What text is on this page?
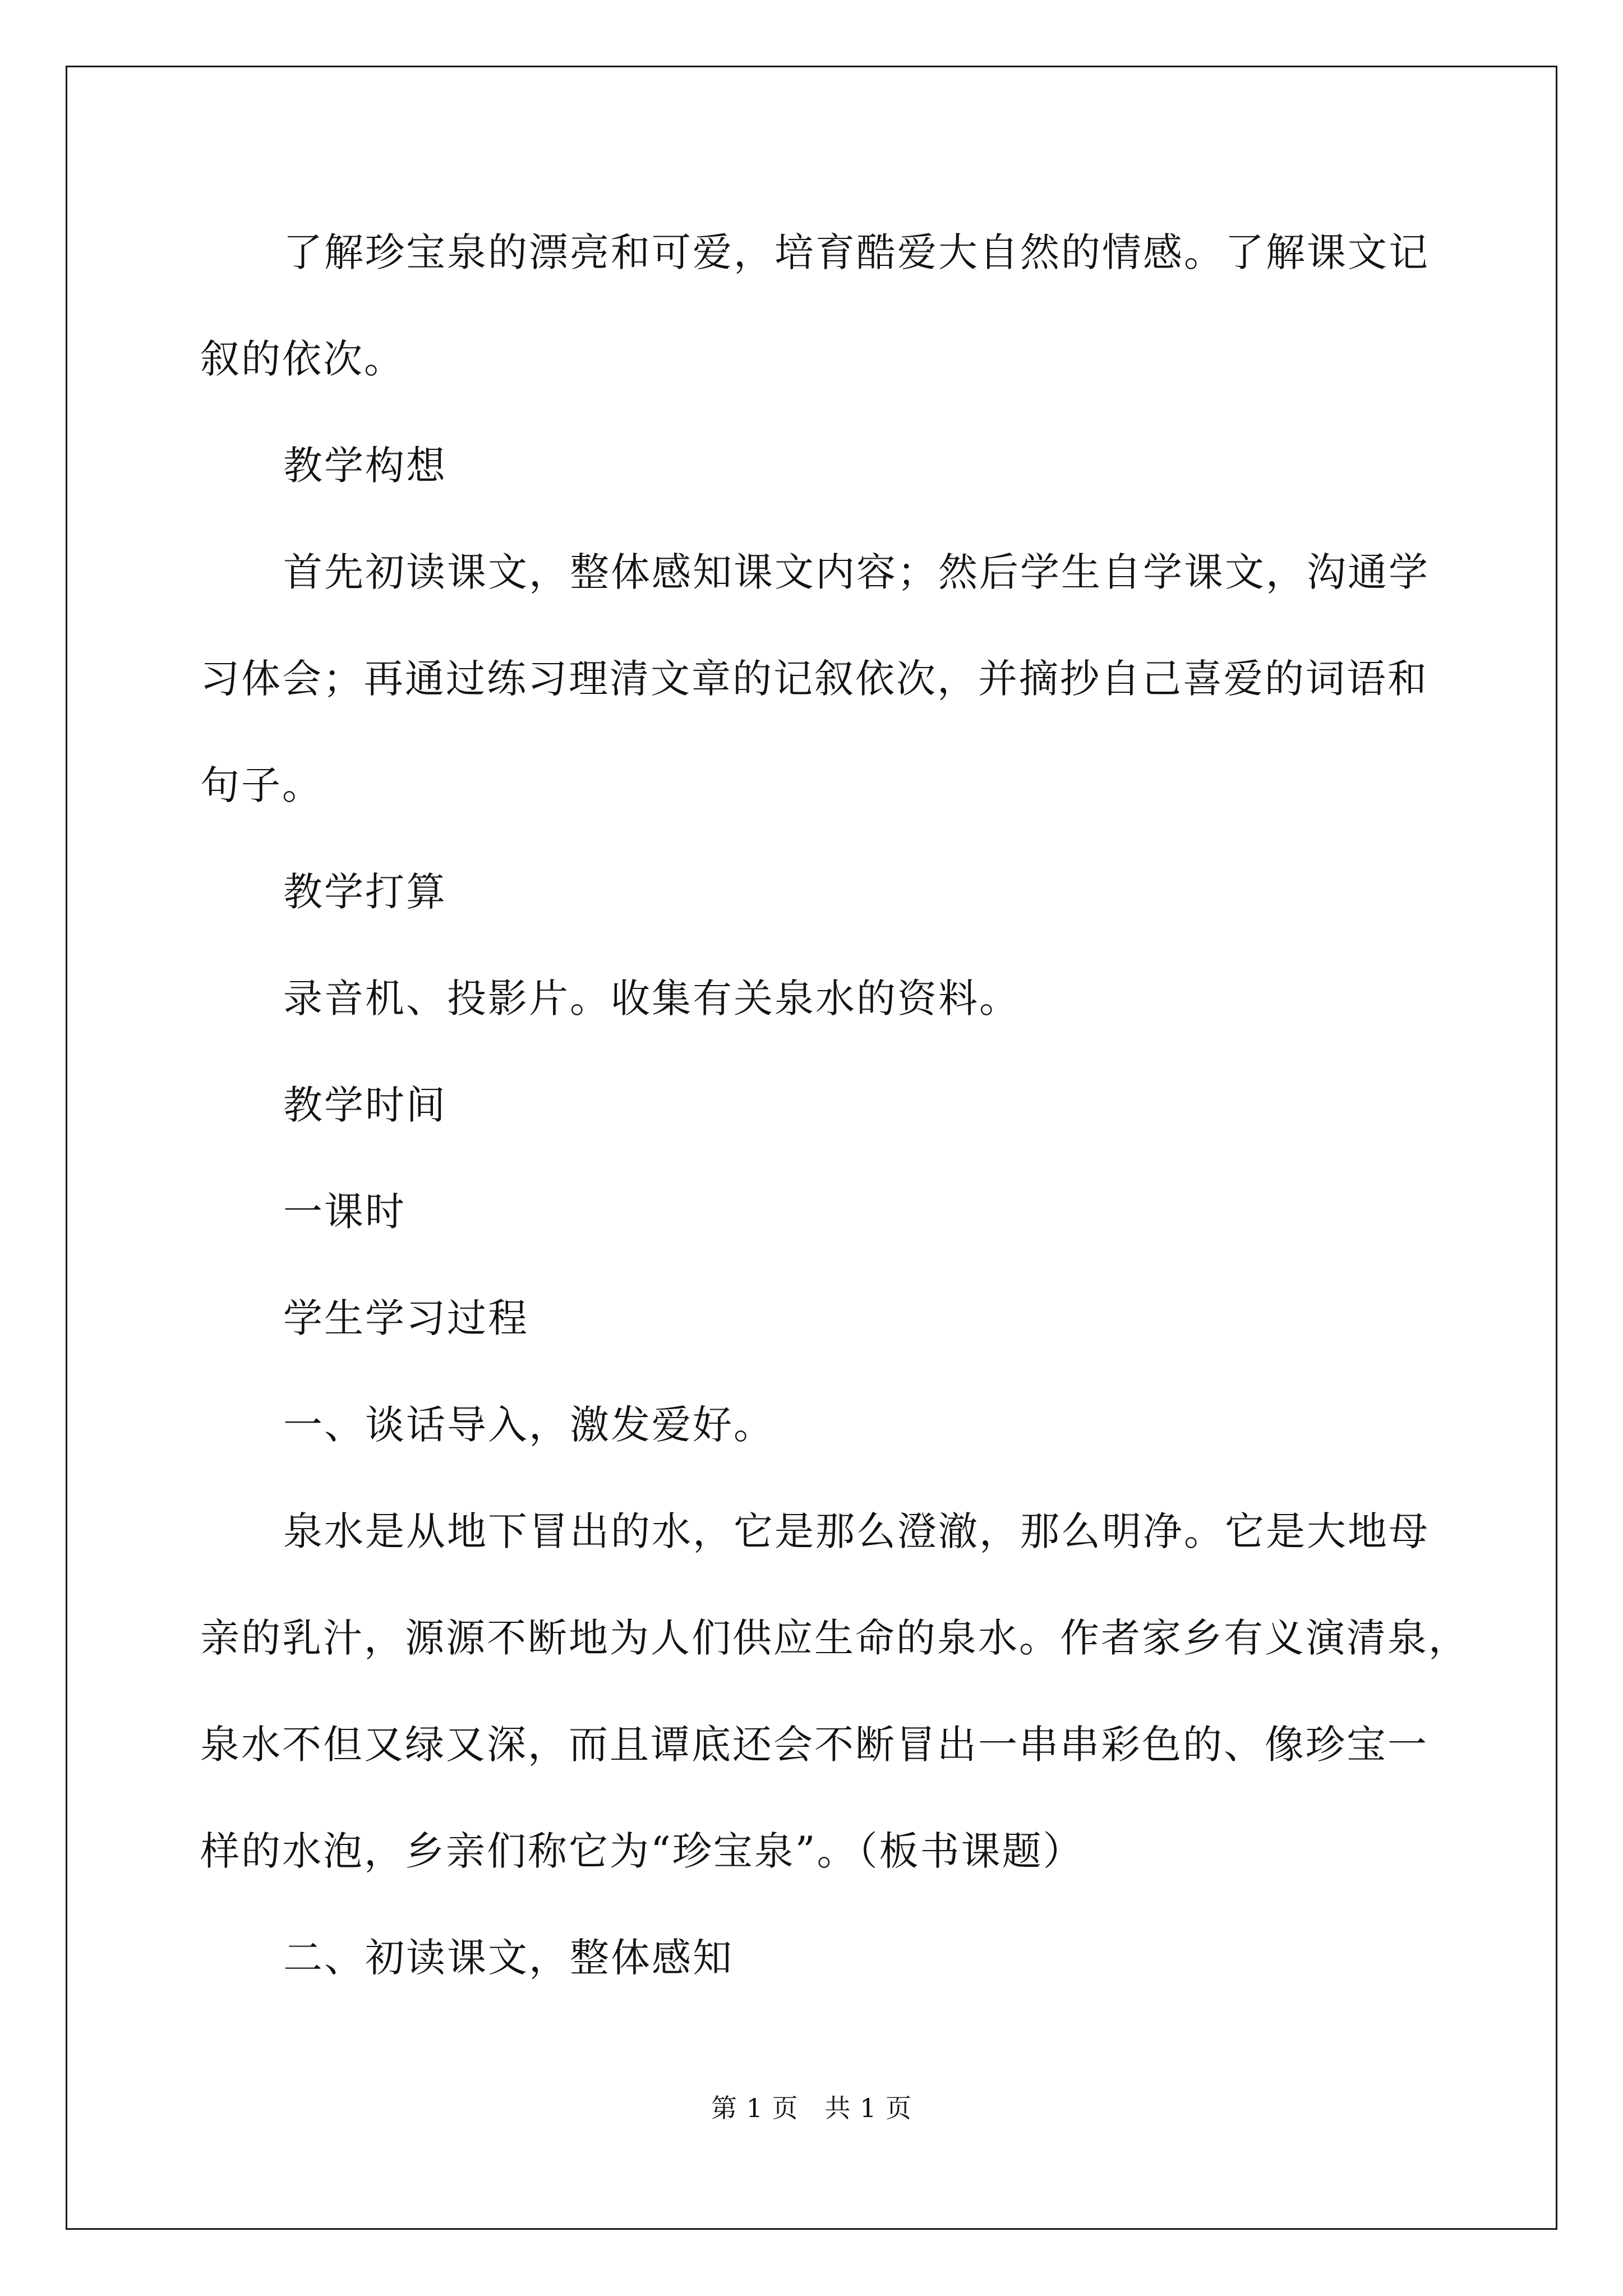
了解珍宝泉的漂亮和可爱，培育酷爱大自然的情感。了解课文记
叙的依次。
教学构想
首先初读课文，整体感知课文内容；然后学生自学课文，沟通学
习体会；再通过练习理清文章的记叙依次，并摘抄自己喜爱的词语和
句子。
教学打算
录音机、投影片。收集有关泉水的资料。
教学时间
一课时
学生学习过程
一、谈话导入，激发爱好。
泉水是从地下冒出的水，它是那么澄澈，那么明净。它是大地母
亲的乳汁，源源不断地为人们供应生命的泉水。作者家乡有义演清泉，
泉水不但又绿又深，而且谭底还会不断冒出一串串彩色的、像珍宝一
样的水泡，乡亲们称它为“珍宝泉”。（板书课题）
二、初读课文，整体感知
第 1 页　共 1 页
